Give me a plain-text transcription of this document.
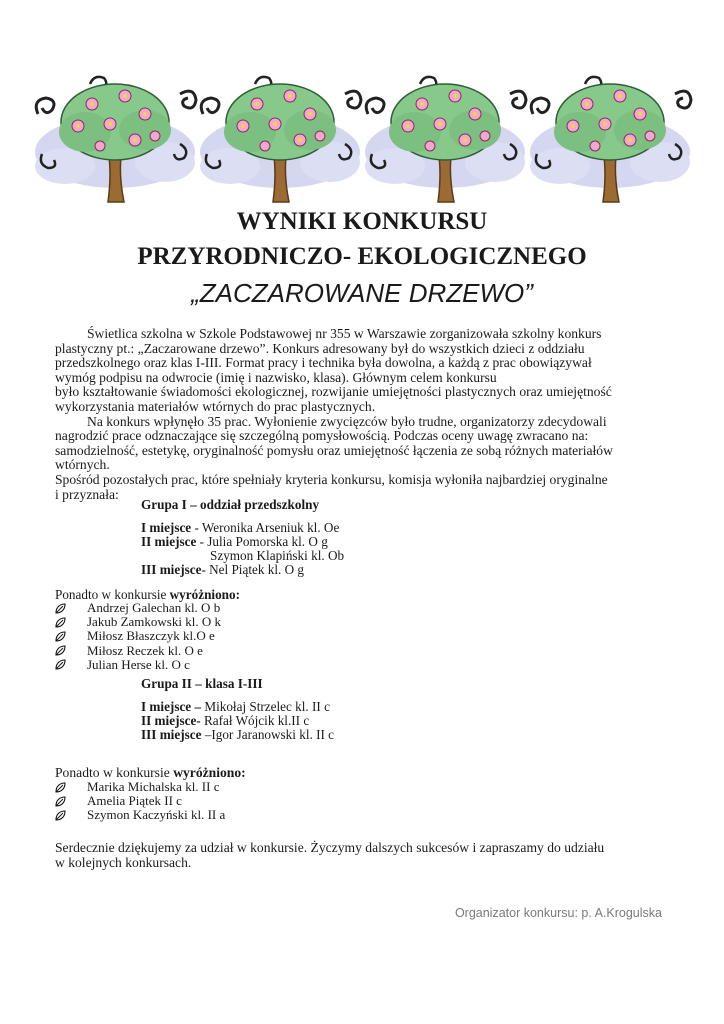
WYNIKI KONKURSU
PRZYRODNICZO- EKOLOGICZNEGO
„ZACZAROWANE DRZEWO”
Świetlica szkolna w Szkole Podstawowej nr 355 w Warszawie zorganizowała szkolny konkurs
plastyczny pt.: „Zaczarowane drzewo”. Konkurs adresowany był do wszystkich dzieci z oddziału
przedszkolnego oraz klas I-III. Format pracy i technika była dowolna, a każdą z prac obowiązywał
wymóg podpisu na odwrocie (imię i nazwisko, klasa). Głównym celem konkursu
było kształtowanie świadomości ekologicznej, rozwijanie umiejętności plastycznych oraz umiejętność
wykorzystania materiałów wtórnych do prac plastycznych.
Na konkurs wpłynęło 35 prac. Wyłonienie zwycięzców było trudne, organizatorzy zdecydowali
nagrodzić prace odznaczające się szczególną pomysłowością. Podczas oceny uwagę zwracano na:
samodzielność, estetykę, oryginalność pomysłu oraz umiejętność łączenia ze sobą różnych materiałów
wtórnych.
Spośród pozostałych prac, które spełniały kryteria konkursu, komisja wyłoniła najbardziej oryginalne
i przyznała:
Grupa I – oddział przedszkolny
I miejsce - Weronika Arseniuk kl. Oe
II miejsce - Julia Pomorska kl. O g
Szymon Klapiński kl. Ob
III miejsce- Nel Piątek kl. O g
Ponadto w konkursie wyróżniono:
Andrzej Galechan kl. O b
Jakub Zamkowski kl. O k
Miłosz Błaszczyk kl.O e
Miłosz Reczek kl. O e
Julian Herse kl. O c
Grupa II – klasa I-III
I miejsce – Mikołaj Strzelec kl. II c
II miejsce- Rafał Wójcik kl.II c
III miejsce –Igor Jaranowski kl. II c
Ponadto w konkursie wyróżniono:
Marika Michalska kl. II c
Amelia Piątek II c
Szymon Kaczyński kl. II a
Serdecznie dziękujemy za udział w konkursie. Życzymy dalszych sukcesów i zapraszamy do udziału
w kolejnych konkursach.
Organizator konkursu: p. A.Krogulska
